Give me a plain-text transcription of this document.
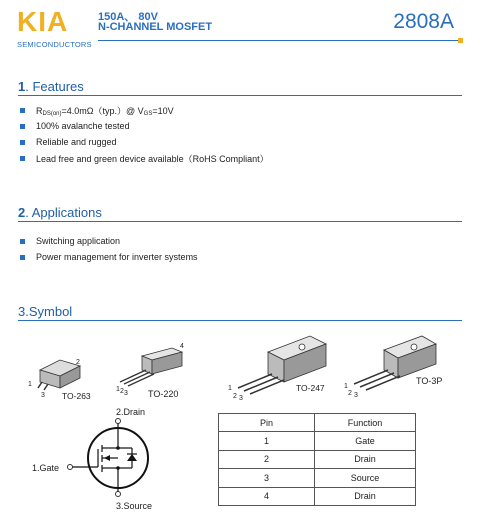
KIA
SEMICONDUCTORS
150A、 80V
N-CHANNEL MOSFET	2808A
1. Features
RDS(on)=4.0mΩ（typ.）@ VGS=10V
100% avalanche tested
Reliable and rugged
Lead free and green device available（RoHS Compliant）
2. Applications
Switching application
Power management for inverter systems
3.Symbol
2
1
3 TO-263
4
1 2 3 TO-220
1
2 3
TO-247	1
2 3
TO-3P
2.Drain
3.Source
1.Gate
Pin	Function
1	Gate
2	Drain
3	Source
4	Drain
